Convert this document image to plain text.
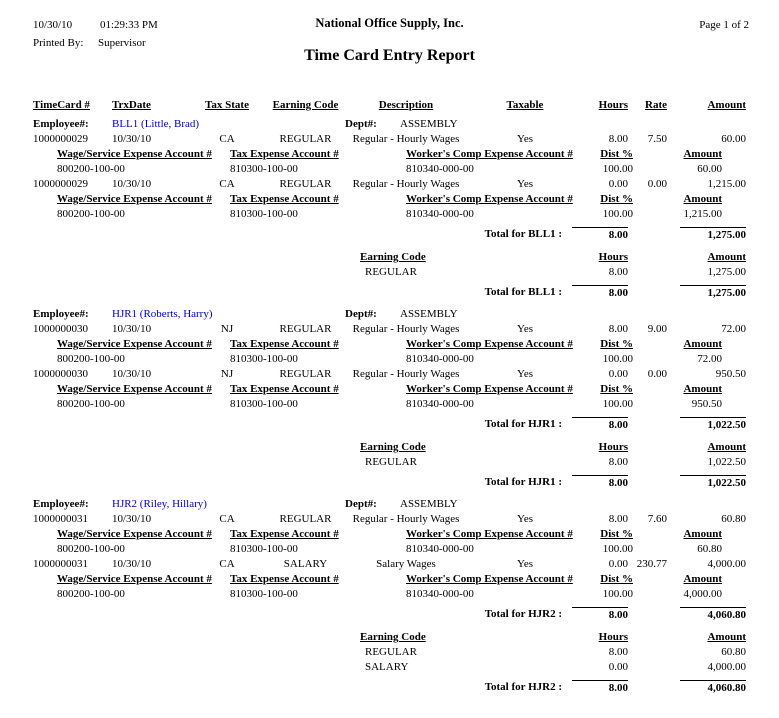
10/30/10	01:29:33 PM	National Office Supply, Inc.	Page 1 of 2
Printed By: Supervisor
Time Card Entry Report
TimeCard # TrxDate	Tax State	Earning Code	Description	Taxable	Hours	Rate	Amount
Employee#: BLL1 (Little, Brad)	Dept#: ASSEMBLY
1000000029 10/30/10	CA	REGULAR	Regular - Hourly Wages	Yes	8.00	7.50	60.00
Wage/Service Expense Account # Tax Expense Account #	Worker's Comp Expense Account #	Dist %	Amount
800200-100-00	810300-100-00	810340-000-00	100.00	60.00
1000000029 10/30/10	CA	REGULAR	Regular - Hourly Wages	Yes	0.00	0.00	1,215.00
Wage/Service Expense Account # Tax Expense Account #	Worker's Comp Expense Account #	Dist %	Amount
800200-100-00	810300-100-00	810340-000-00	100.00	1,215.00
Total for BLL1 :	8.00	1,275.00
Earning Code	Hours	Amount
REGULAR	8.00	1,275.00
Total for BLL1 :	8.00	1,275.00
Employee#: HJR1 (Roberts, Harry)	Dept#: ASSEMBLY
1000000030 10/30/10	NJ	REGULAR	Regular - Hourly Wages	Yes	8.00	9.00	72.00
Wage/Service Expense Account # Tax Expense Account #	Worker's Comp Expense Account #	Dist %	Amount
800200-100-00	810300-100-00	810340-000-00	100.00	72.00
1000000030 10/30/10	NJ	REGULAR	Regular - Hourly Wages	Yes	0.00	0.00	950.50
Wage/Service Expense Account # Tax Expense Account #	Worker's Comp Expense Account #	Dist %	Amount
800200-100-00	810300-100-00	810340-000-00	100.00	950.50
Total for HJR1 :	8.00	1,022.50
Earning Code	Hours	Amount
REGULAR	8.00	1,022.50
Total for HJR1 :	8.00	1,022.50
Employee#: HJR2 (Riley, Hillary)	Dept#: ASSEMBLY
1000000031 10/30/10	CA	REGULAR	Regular - Hourly Wages	Yes	8.00	7.60	60.80
Wage/Service Expense Account # Tax Expense Account #	Worker's Comp Expense Account #	Dist %	Amount
800200-100-00	810300-100-00	810340-000-00	100.00	60.80
1000000031 10/30/10	CA	SALARY	Salary Wages	Yes	0.00 230.77	4,000.00
Wage/Service Expense Account # Tax Expense Account #	Worker's Comp Expense Account #	Dist %	Amount
800200-100-00	810300-100-00	810340-000-00	100.00	4,000.00
Total for HJR2 :	8.00	4,060.80
Earning Code	Hours	Amount
REGULAR	8.00	60.80
SALARY	0.00	4,000.00
Total for HJR2 :	8.00	4,060.80
